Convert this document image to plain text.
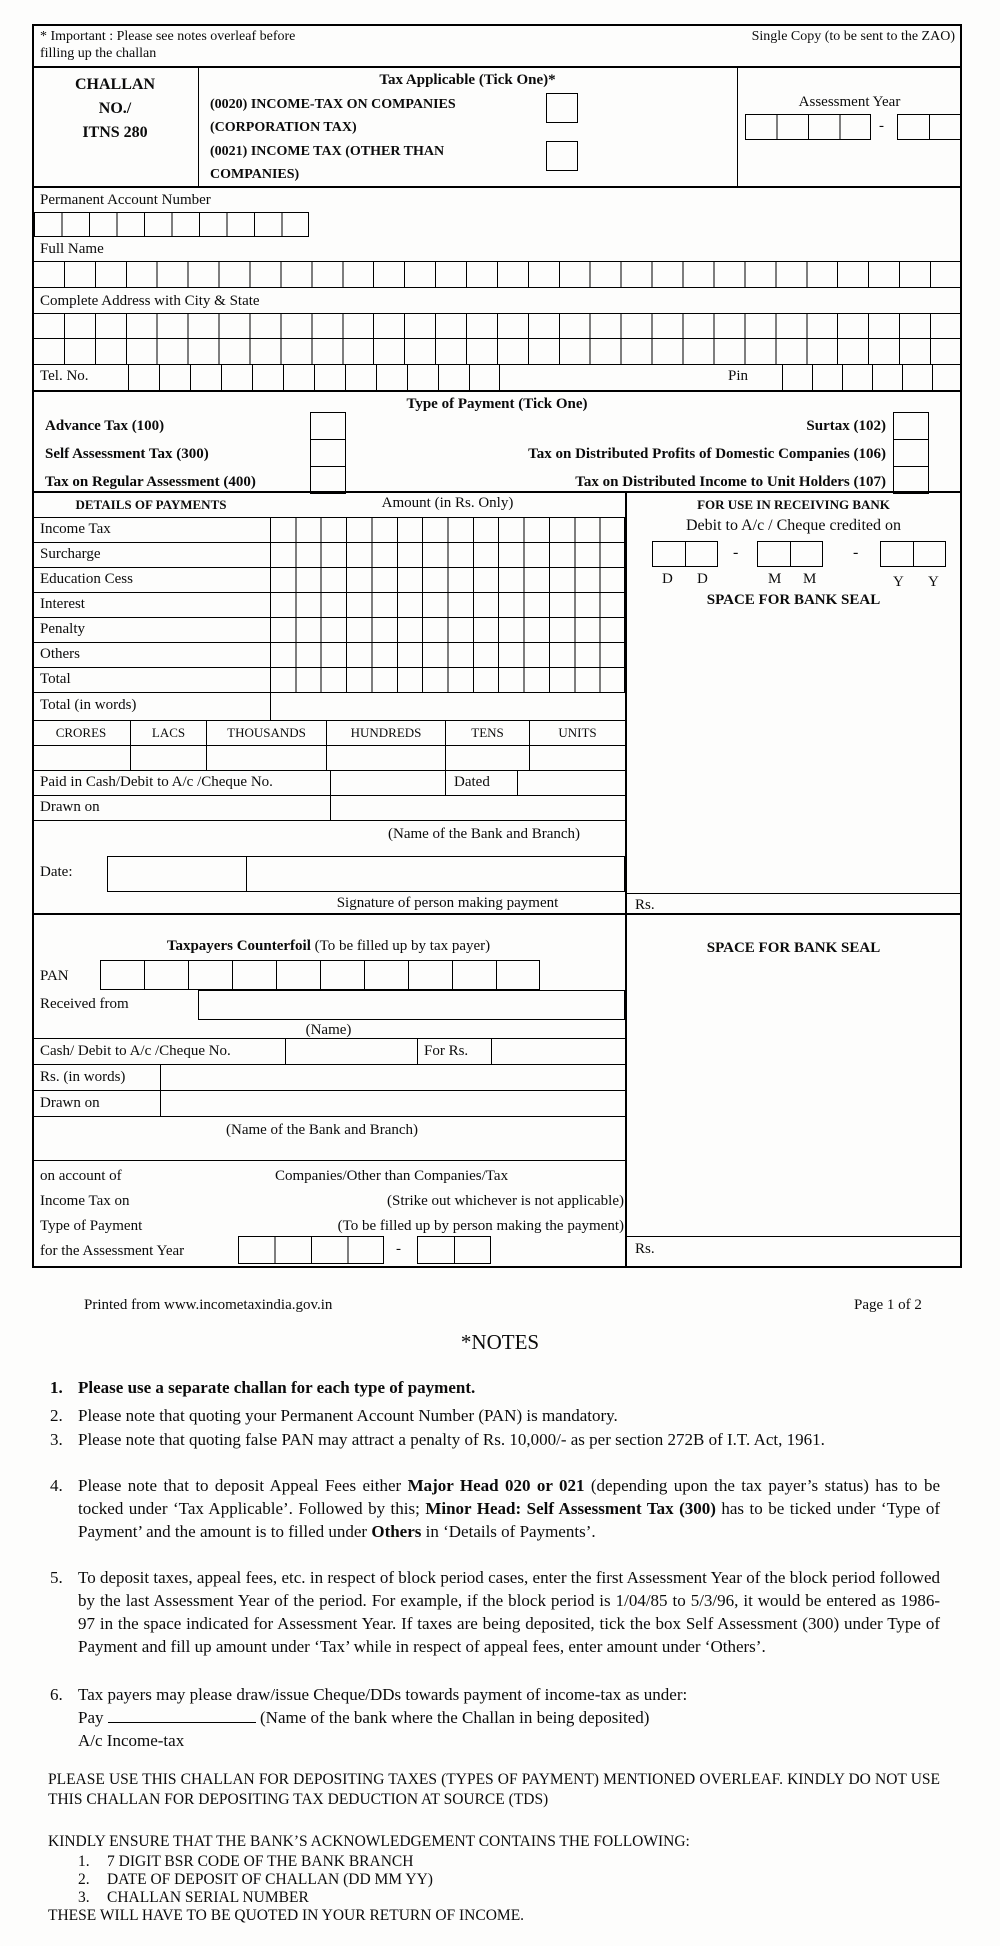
* Important : Please see notes overleaf before
filling up the challan
Single Copy (to be sent to the ZAO)
CHALLAN
NO./
ITNS 280
Tax Applicable (Tick One)*
(0020) INCOME-TAX ON COMPANIES
(CORPORATION TAX)
(0021) INCOME TAX (OTHER THAN
COMPANIES)
Assessment Year
-
Permanent Account Number
Full Name
Complete Address with City & State
Tel. No.	Pin
Type of Payment (Tick One)
Advance Tax (100)
Self Assessment Tax (300)
Tax on Regular Assessment (400)
Surtax (102)
Tax on Distributed Profits of Domestic Companies (106)
Tax on Distributed Income to Unit Holders (107)
DETAILS OF PAYMENTS	Amount (in Rs. Only)
Income Tax
Surcharge
Education Cess
Interest
Penalty
Others
Total
Total (in words)
CRORES	LACS	THOUSANDS	HUNDREDS	TENS	UNITS
Paid in Cash/Debit to A/c /Cheque No.	Dated
Drawn on
(Name of the Bank and Branch)
Date:
Signature of person making payment
FOR USE IN RECEIVING BANK
Debit to A/c / Cheque credited on
-	-
D D	M M	Y Y
SPACE FOR BANK SEAL
Rs.
Taxpayers Counterfoil (To be filled up by tax payer)
PAN
Received from
(Name)
Cash/ Debit to A/c /Cheque No.	For Rs.
Rs. (in words)
Drawn on
(Name of the Bank and Branch)
on account of	Companies/Other than Companies/Tax
Income Tax on	(Strike out whichever is not applicable)
Type of Payment	(To be filled up by person making the payment)
for the Assessment Year	-
SPACE FOR BANK SEAL
Rs.
Printed from www.incometaxindia.gov.in	Page 1 of 2
*NOTES
1. Please use a separate challan for each type of payment.
2. Please note that quoting your Permanent Account Number (PAN) is mandatory.
3. Please note that quoting false PAN may attract a penalty of Rs. 10,000/- as per section 272B of I.T. Act, 1961.
4. Please note that to deposit Appeal Fees either Major Head 020 or 021 (depending upon the tax payer’s status) has to be tocked under ‘Tax Applicable’. Followed by this; Minor Head: Self Assessment Tax (300) has to be ticked under ‘Type of Payment’ and the amount is to filled under Others in ‘Details of Payments’.
5. To deposit taxes, appeal fees, etc. in respect of block period cases, enter the first Assessment Year of the block period followed by the last Assessment Year of the period. For example, if the block period is 1/04/85 to 5/3/96, it would be entered as 1986-97 in the space indicated for Assessment Year. If taxes are being deposited, tick the box Self Assessment (300) under Type of Payment and fill up amount under ‘Tax’ while in respect of appeal fees, enter amount under ‘Others’.
6. Tax payers may please draw/issue Cheque/DDs towards payment of income-tax as under:
Pay	(Name of the bank where the Challan in being deposited)
A/c Income-tax
PLEASE USE THIS CHALLAN FOR DEPOSITING TAXES (TYPES OF PAYMENT) MENTIONED OVERLEAF. KINDLY DO NOT USE THIS CHALLAN FOR DEPOSITING TAX DEDUCTION AT SOURCE (TDS)
KINDLY ENSURE THAT THE BANK’S ACKNOWLEDGEMENT CONTAINS THE FOLLOWING:
1. 7 DIGIT BSR CODE OF THE BANK BRANCH
2. DATE OF DEPOSIT OF CHALLAN (DD MM YY)
3. CHALLAN SERIAL NUMBER
THESE WILL HAVE TO BE QUOTED IN YOUR RETURN OF INCOME.
